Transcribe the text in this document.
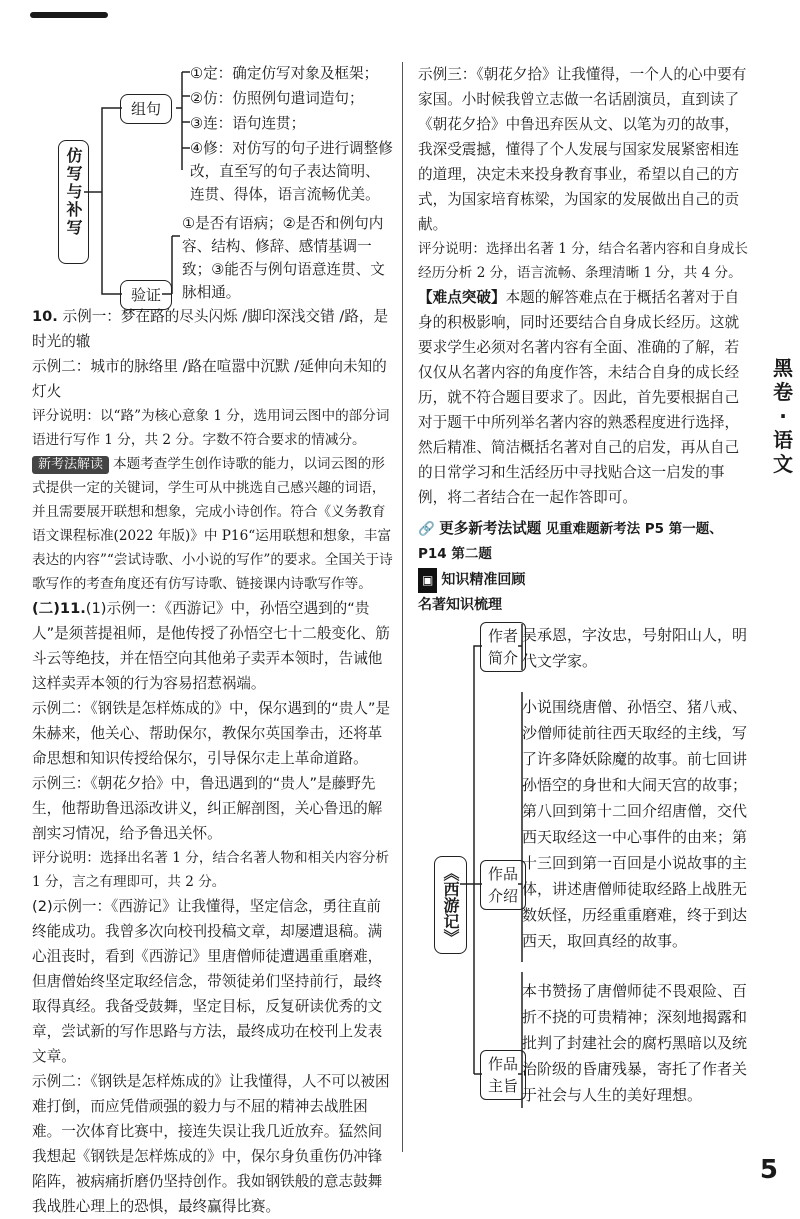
仿写与补写
组句
①定：确定仿写对象及框架；
②仿：仿照例句遣词造句；
③连：语句连贯；
④修：对仿写的句子进行调整修改，直至写的句子表达简明、连贯、得体，语言流畅优美。
验证
①是否有语病；②是否和例句内容、结构、修辞、感情基调一致；③能否与例句语意连贯、文脉相通。

10. 示例一：梦在路的尽头闪烁 /脚印深浅交错 /路，是时光的辙

示例二：城市的脉络里 /路在喧嚣中沉默 /延伸向未知的灯火

评分说明：以“路”为核心意象 1 分，选用词云图中的部分词语进行写作 1 分，共 2 分。字数不符合要求的情减分。

新考法解读 本题考查学生创作诗歌的能力，以词云图的形式提供一定的关键词，学生可从中挑选自己感兴趣的词语，并且需要展开联想和想象，完成小诗创作。符合《义务教育语文课程标准(2022 年版)》中 P16“运用联想和想象，丰富表达的内容”“尝试诗歌、小小说的写作”的要求。全国关于诗歌写作的考查角度还有仿写诗歌、链接课内诗歌写作等。

(二)11.(1)示例一：《西游记》中，孙悟空遇到的“贵人”是须菩提祖师，是他传授了孙悟空七十二般变化、筋斗云等绝技，并在悟空向其他弟子卖弄本领时，告诫他这样卖弄本领的行为容易招惹祸端。

示例二：《钢铁是怎样炼成的》中，保尔遇到的“贵人”是朱赫来，他关心、帮助保尔，教保尔英国拳击，还将革命思想和知识传授给保尔，引导保尔走上革命道路。

示例三：《朝花夕拾》中，鲁迅遇到的“贵人”是藤野先生，他帮助鲁迅添改讲义，纠正解剖图，关心鲁迅的解剖实习情况，给予鲁迅关怀。

评分说明：选择出名著 1 分，结合名著人物和相关内容分析 1 分，言之有理即可，共 2 分。

(2)示例一：《西游记》让我懂得，坚定信念，勇往直前终能成功。我曾多次向校刊投稿文章，却屡遭退稿。满心沮丧时，看到《西游记》里唐僧师徒遭遇重重磨难，但唐僧始终坚定取经信念，带领徒弟们坚持前行，最终取得真经。我备受鼓舞，坚定目标，反复研读优秀的文章，尝试新的写作思路与方法，最终成功在校刊上发表文章。

示例二：《钢铁是怎样炼成的》让我懂得，人不可以被困难打倒，而应凭借顽强的毅力与不屈的精神去战胜困难。一次体育比赛中，接连失误让我几近放弃。猛然间我想起《钢铁是怎样炼成的》中，保尔身负重伤仍冲锋陷阵，被病痛折磨仍坚持创作。我如钢铁般的意志鼓舞我战胜心理上的恐惧，最终赢得比赛。

示例三：《朝花夕拾》让我懂得，一个人的心中要有家国。小时候我曾立志做一名话剧演员，直到读了《朝花夕拾》中鲁迅弃医从文、以笔为刃的故事，我深受震撼，懂得了个人发展与国家发展紧密相连的道理，决定未来投身教育事业，希望以自己的方式，为国家培育栋梁，为国家的发展做出自己的贡献。

评分说明：选择出名著 1 分，结合名著内容和自身成长经历分析 2 分，语言流畅、条理清晰 1 分，共 4 分。

【难点突破】本题的解答难点在于概括名著对于自身的积极影响，同时还要结合自身成长经历。这就要求学生必须对名著内容有全面、准确的了解，若仅仅从名著内容的角度作答，未结合自身的成长经历，就不符合题目要求了。因此，首先要根据自己对于题干中所列举名著内容的熟悉程度进行选择，然后精准、简洁概括名著对自己的启发，再从自己的日常学习和生活经历中寻找贴合这一启发的事例，将二者结合在一起作答即可。

🔗 更多新考法试题 见重难题新考法 P5 第一题、P14 第二题

▣ 知识精准回顾

名著知识梳理

《西游记》
作者简介
吴承恩，字汝忠，号射阳山人，明代文学家。
作品介绍
小说围绕唐僧、孙悟空、猪八戒、沙僧师徒前往西天取经的主线，写了许多降妖除魔的故事。前七回讲孙悟空的身世和大闹天宫的故事；第八回到第十二回介绍唐僧，交代西天取经这一中心事件的由来；第十三回到第一百回是小说故事的主体，讲述唐僧师徒取经路上战胜无数妖怪，历经重重磨难，终于到达西天，取回真经的故事。
作品主旨
本书赞扬了唐僧师徒不畏艰险、百折不挠的可贵精神；深刻地揭露和批判了封建社会的腐朽黑暗以及统治阶级的昏庸残暴，寄托了作者关于社会与人生的美好理想。
黑卷·语文
5
